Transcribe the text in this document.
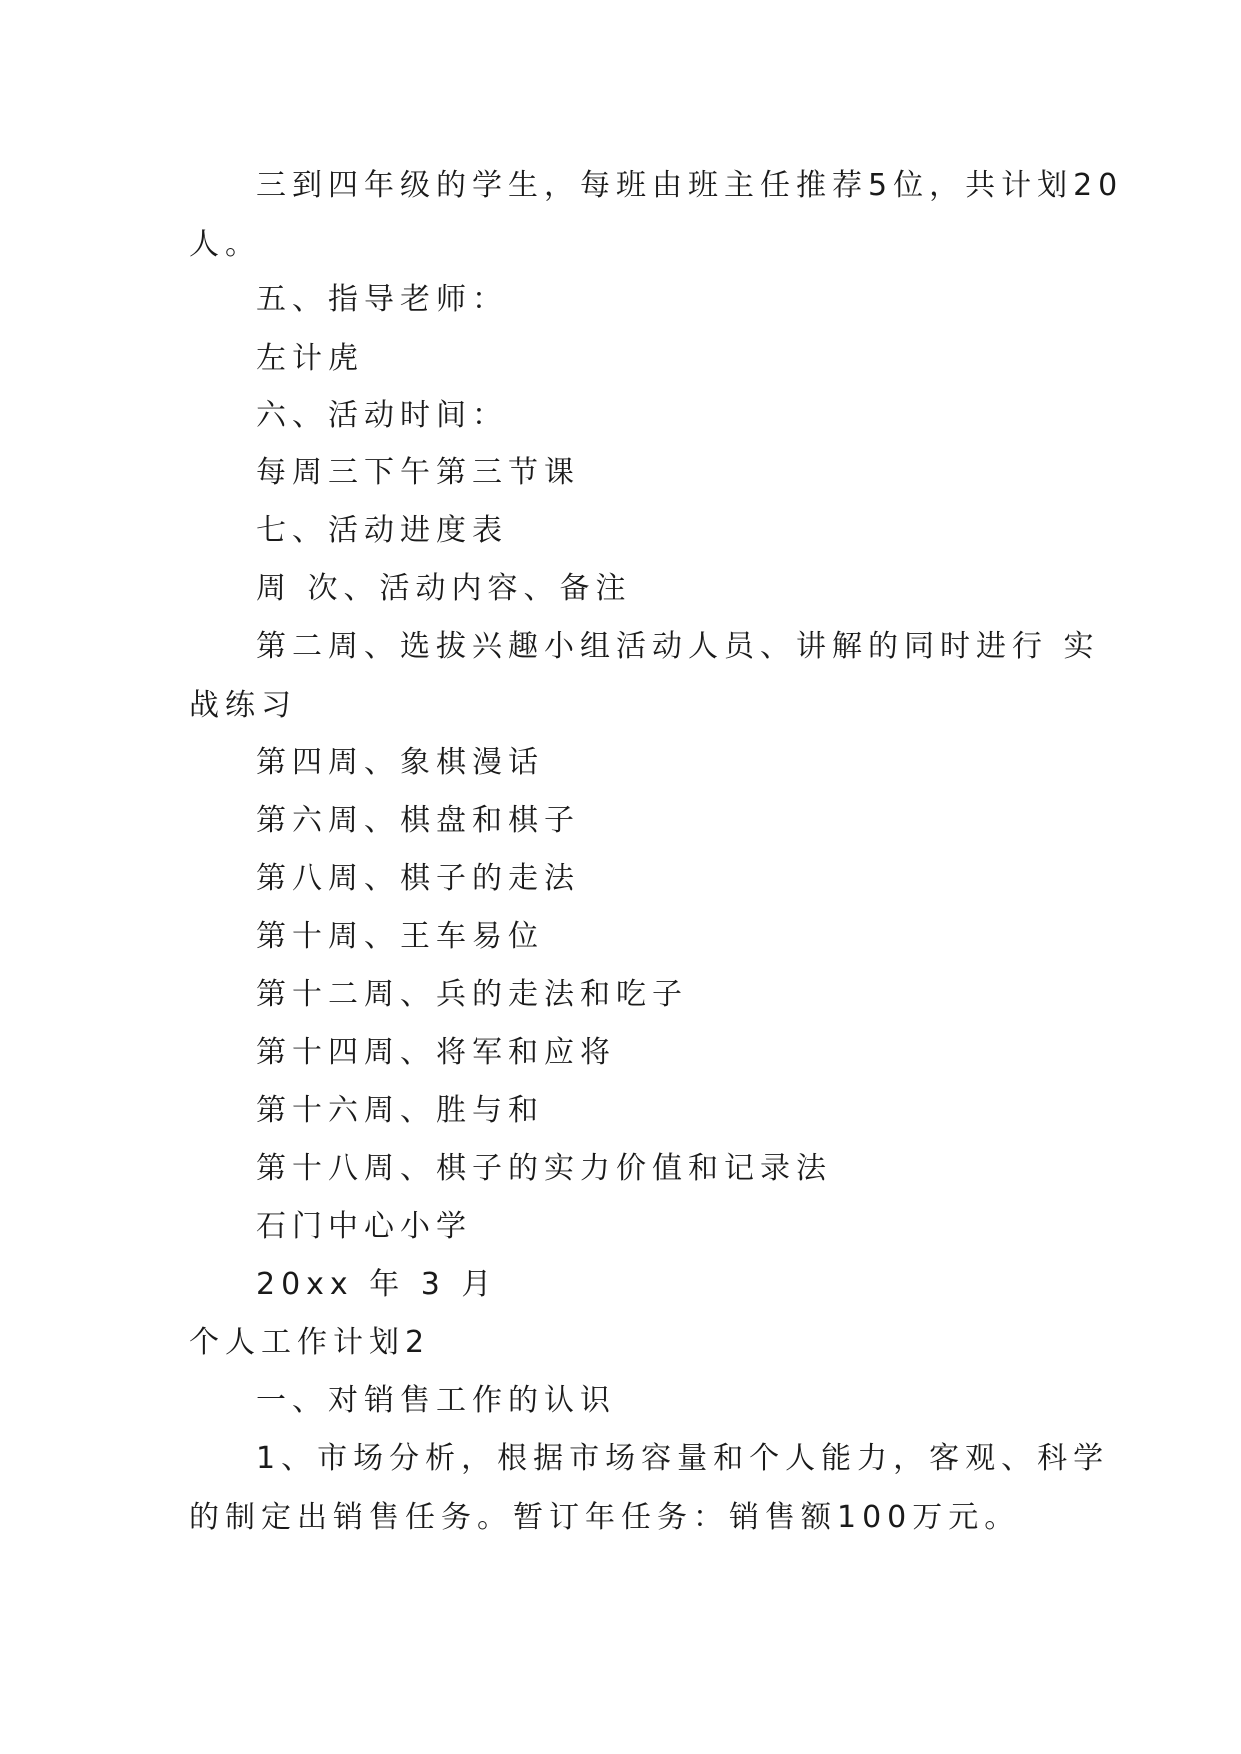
三到四年级的学生，每班由班主任推荐5位，共计划20

人。

五、指导老师：

左计虎

六、活动时间：

每周三下午第三节课

七、活动进度表

周 次、活动内容、备注

第二周、选拔兴趣小组活动人员、讲解的同时进行 实

战练习

第四周、象棋漫话

第六周、棋盘和棋子

第八周、棋子的走法

第十周、王车易位

第十二周、兵的走法和吃子

第十四周、将军和应将

第十六周、胜与和

第十八周、棋子的实力价值和记录法

石门中心小学

20xx 年 3 月

个人工作计划2

一、对销售工作的认识

1、市场分析，根据市场容量和个人能力，客观、科学

的制定出销售任务。暂订年任务：销售额100万元。
